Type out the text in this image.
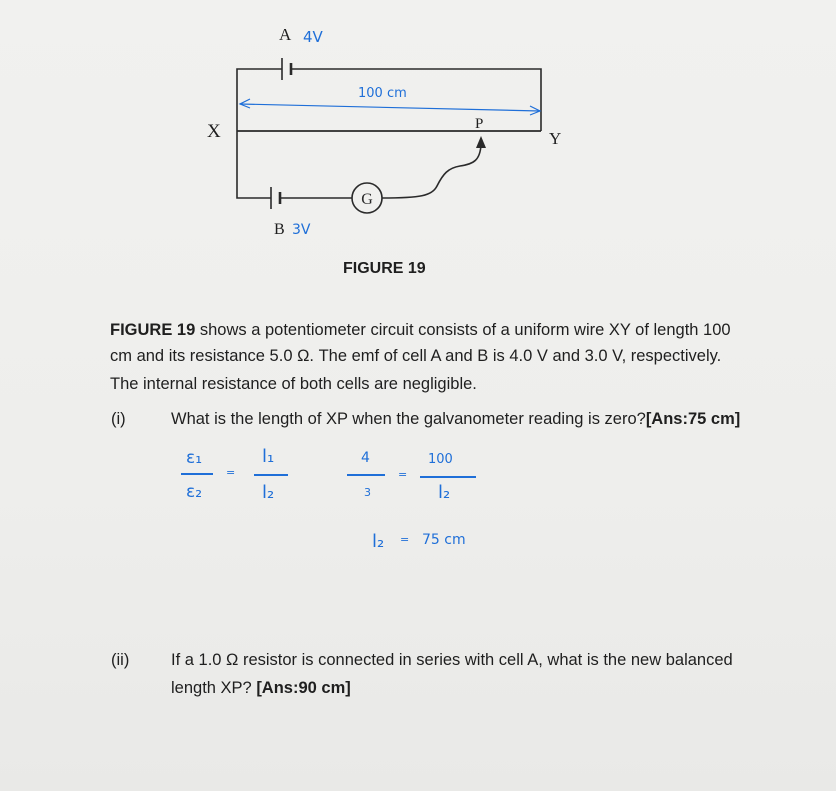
G
A 4V
100 cm
X	P
Y
B 3V
FIGURE 19
FIGURE 19 shows a potentiometer circuit consists of a uniform wire XY of length 100
cm and its resistance 5.0 Ω. The emf of cell A and B is 4.0 V and 3.0 V, respectively.
The internal resistance of both cells are negligible.
(i)	What is the length of XP when the galvanometer reading is zero?[Ans:75 cm]
ε₁
ε₂
=
l₁
l₂
4
3
=
100
l₂
l₂ = 75 cm
(ii)	If a 1.0 Ω resistor is connected in series with cell A, what is the new balanced
length XP? [Ans:90 cm]
